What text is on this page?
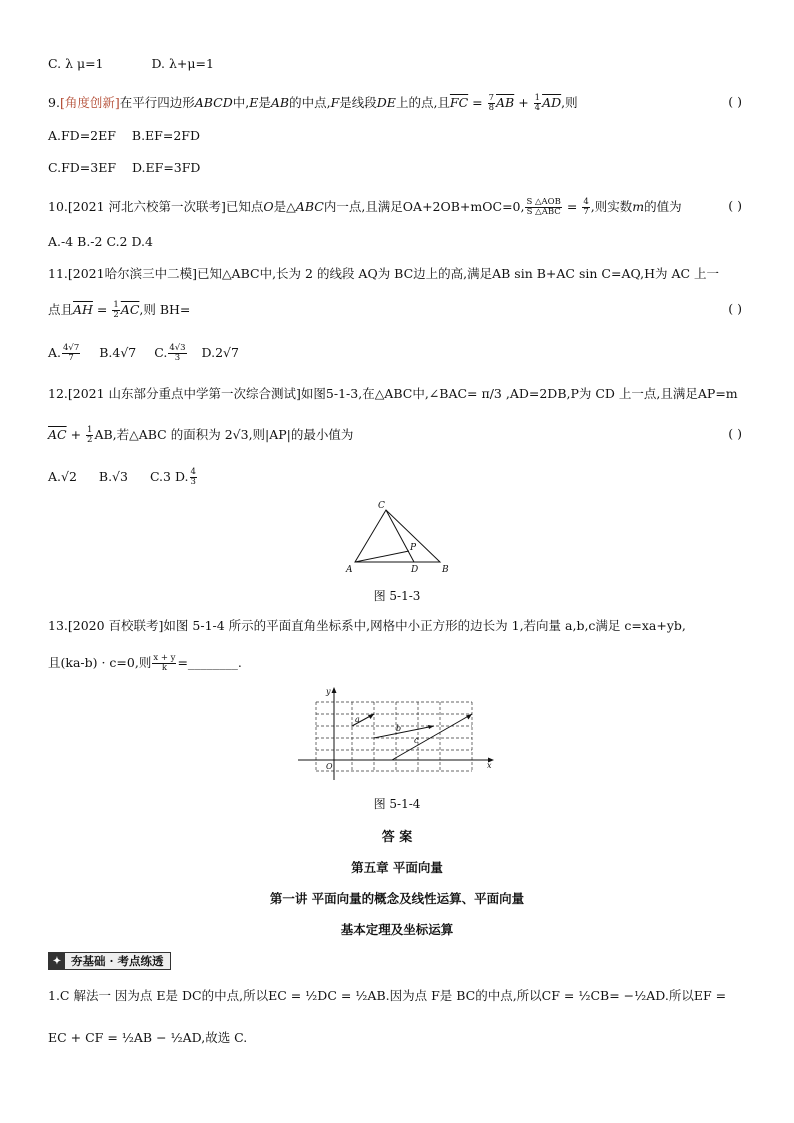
C. λ μ=1	D. λ+μ=1
9.[角度创新]在平行四边形ABCD中,E是AB的中点,F是线段DE上的点,且$\overline{FC} = \frac{7}{8} \overline{AB} + \frac{1}{4} \overline{AD}$,则	( )
A.FD=2EF B.EF=2FD
C.FD=3EF D.EF=3FD
10.[2021 河北六校第一次联考]已知点O是△ABC内一点,且满足OA+2OB+mOC=0, S △AOB
S △ABC = $\frac{4}{7}$ ,则实数m的值为	( )
A.-4 B.-2 C.2 D.4
11.[2021哈尔滨三中二模]已知△ABC中,长为 2 的线段 AQ为 BC边上的高,满足AB sin B+AC sin C=AQ,H为 AC 上一
点且$\overline{AH} = \frac{1}{2} \overline{AC}$,则 BH=	( )
A. $\frac{4√7}{7} B.4√7$ C. $\frac{4√3}{3} D.2√7$
12.[2021 山东部分重点中学第一次综合测试]如图5-1-3,在△ABC中,∠BAC= π/3 ,AD=2DB,P为 CD 上一点,且满足AP=m
$\overline{AC} + \frac{1}{2}$ AB,若△ABC 的面积为 2√3,则|AP|的最小值为	( )
A.√2 B.√3 C.3 D. $\frac{4}{3}$
C
A	B
D
P
图 5-1-3
13.[2020 百校联考]如图 5-1-4 所示的平面直角坐标系中,网格中小正方形的边长为 1,若向量 a,b,c满足 c=xa+yb,
且(ka-b) · c=0,则 $\frac{x + y}{k}$ =________.
y
x
O
a
b
c
图 5-1-4
答 案
第五章 平面向量
第一讲 平面向量的概念及线性运算、平面向量
基本定理及坐标运算
✦ 夯基础 · 考点练透
1.C 解法一 因为点 E是 DC的中点,所以EC = ½DC = ½AB.因为点 F是 BC的中点,所以CF = ½CB= −½AD.所以EF =
EC + CF = ½AB − ½AD,故选 C.
